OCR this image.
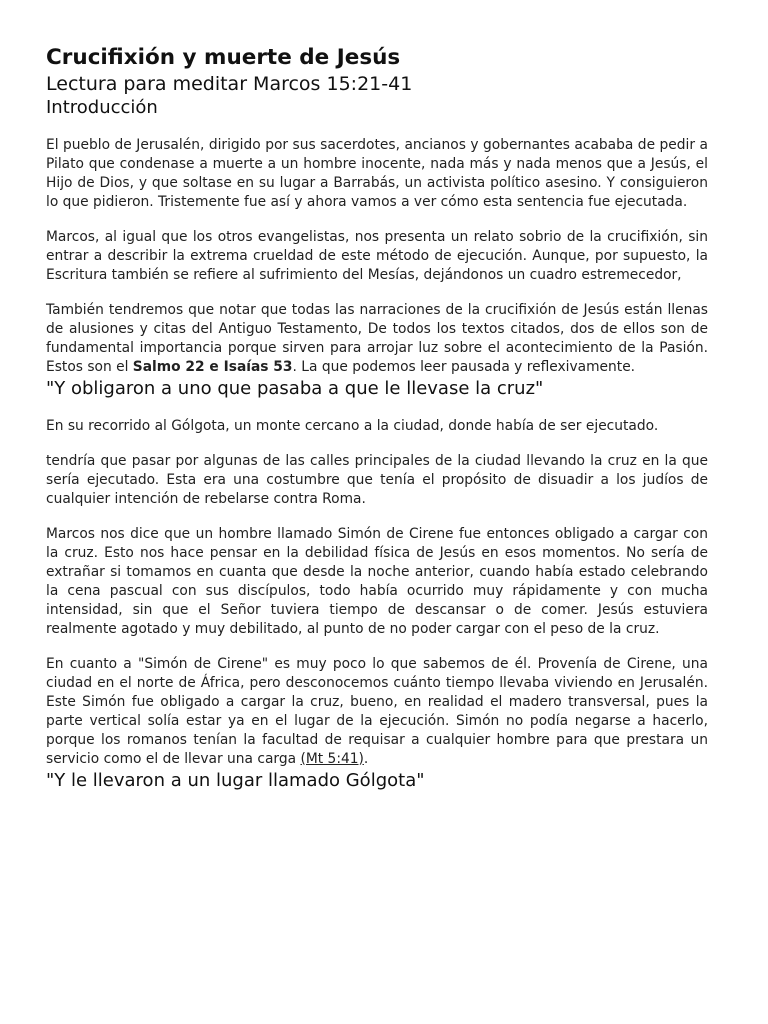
Crucifixión y muerte de Jesús
Lectura para meditar Marcos 15:21-41
Introducción

El pueblo de Jerusalén, dirigido por sus sacerdotes, ancianos y gobernantes acababa de pedir a Pilato que condenase a muerte a un hombre inocente, nada más y nada menos que a Jesús, el Hijo de Dios, y que soltase en su lugar a Barrabás, un activista político asesino. Y consiguieron lo que pidieron. Tristemente fue así y ahora vamos a ver cómo esta sentencia fue ejecutada.

Marcos, al igual que los otros evangelistas, nos presenta un relato sobrio de la crucifixión, sin entrar a describir la extrema crueldad de este método de ejecución. Aunque, por supuesto, la Escritura también se refiere al sufrimiento del Mesías, dejándonos un cuadro estremecedor,

También tendremos que notar que todas las narraciones de la crucifixión de Jesús están llenas de alusiones y citas del Antiguo Testamento, De todos los textos citados, dos de ellos son de fundamental importancia porque sirven para arrojar luz sobre el acontecimiento de la Pasión. Estos son el Salmo 22 e Isaías 53. La que podemos leer pausada y reflexivamente.

"Y obligaron a uno que pasaba a que le llevase la cruz"

En su recorrido al Gólgota, un monte cercano a la ciudad, donde había de ser ejecutado.

tendría que pasar por algunas de las calles principales de la ciudad llevando la cruz en la que sería ejecutado. Esta era una costumbre que tenía el propósito de disuadir a los judíos de cualquier intención de rebelarse contra Roma.

Marcos nos dice que un hombre llamado Simón de Cirene fue entonces obligado a cargar con la cruz. Esto nos hace pensar en la debilidad física de Jesús en esos momentos. No sería de extrañar si tomamos en cuanta que desde la noche anterior, cuando había estado celebrando la cena pascual con sus discípulos, todo había ocurrido muy rápidamente y con mucha intensidad, sin que el Señor tuviera tiempo de descansar o de comer. Jesús estuviera realmente agotado y muy debilitado, al punto de no poder cargar con el peso de la cruz.

En cuanto a "Simón de Cirene" es muy poco lo que sabemos de él. Provenía de Cirene, una ciudad en el norte de África, pero desconocemos cuánto tiempo llevaba viviendo en Jerusalén. Este Simón fue obligado a cargar la cruz, bueno, en realidad el madero transversal, pues la parte vertical solía estar ya en el lugar de la ejecución. Simón no podía negarse a hacerlo, porque los romanos tenían la facultad de requisar a cualquier hombre para que prestara un servicio como el de llevar una carga (Mt 5:41).

"Y le llevaron a un lugar llamado Gólgota"
